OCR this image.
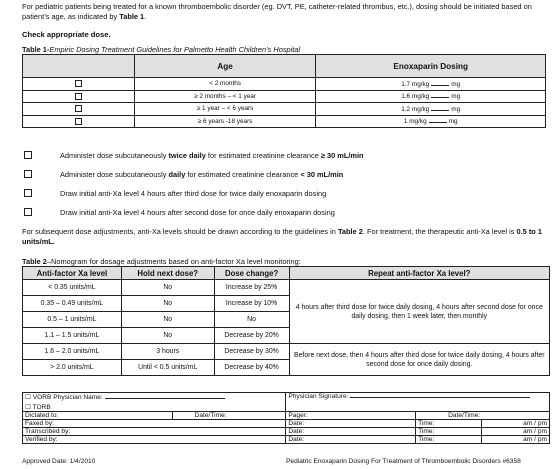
For pediatric patients being treated for a known thromboembolic disorder (eg. DVT, PE, catheter-related thrombus, etc.), dosing should be initiated based on patient’s age, as indicated by Table 1.
Check appropriate dose.
Table 1-Empiric Dosing Treatment Guidelines for Palmetto Health Children’s Hospital
	Age	Enoxaparin Dosing
	< 2 months	1.7 mg/kg mg
	≥ 2 months – < 1 year	1.6 mg/kg mg
	≥ 1 year – < 6 years	1.2 mg/kg mg
	≥ 6 years -18 years	1 mg/kg mg
Administer dose subcutaneously twice daily for estimated creatinine clearance ≥ 30 mL/min
Administer dose subcutaneously daily for estimated creatinine clearance < 30 mL/min
Draw initial anti-Xa level 4 hours after third dose for twice daily enoxaparin dosing
Draw initial anti-Xa level 4 hours after second dose for once daily enoxaparin dosing
For subsequent dose adjustments, anti-Xa levels should be drawn according to the guidelines in Table 2. For treatment, the therapeutic anti-Xa level is 0.5 to 1 units/mL.
Table 2–Nomogram for dosage adjustments based on anti-factor Xa level monitoring:
Anti-factor Xa level	Hold next dose?	Dose change?	Repeat anti-factor Xa level?
< 0.35 units/mL	No	Increase by 25%	4 hours after third dose for twice daily dosing, 4 hours after second dose for once daily dosing, then 1 week later, then monthly
0.35 – 0.49 units/mL	No	Increase by 10%	
0.5 – 1 units/mL	No	No	
1.1 – 1.5 units/mL	No	Decrease by 20%	
1.6 – 2.0 units/mL	3 hours	Decrease by 30%	Before next dose, then 4 hours after third dose for twice daily dosing, 4 hours after second dose for once daily dosing.
> 2.0 units/mL	Until < 0.5 units/mL	Decrease by 40%	
☐ VORB Physician Name:		Physician Signature:		
☐ TORB				
Dictated to:	Date/Time:	Pager:	Date/Time:	
Faxed by:		Date:	Time:	am / pm
Transcribed by:		Date:	Time:	am / pm
Verified by:		Date:	Time:	am / pm
Approved Date: 1/4/2010	Pediatric Enoxaparin Dosing For Treatment of Thromboembolic Disorders #6358
